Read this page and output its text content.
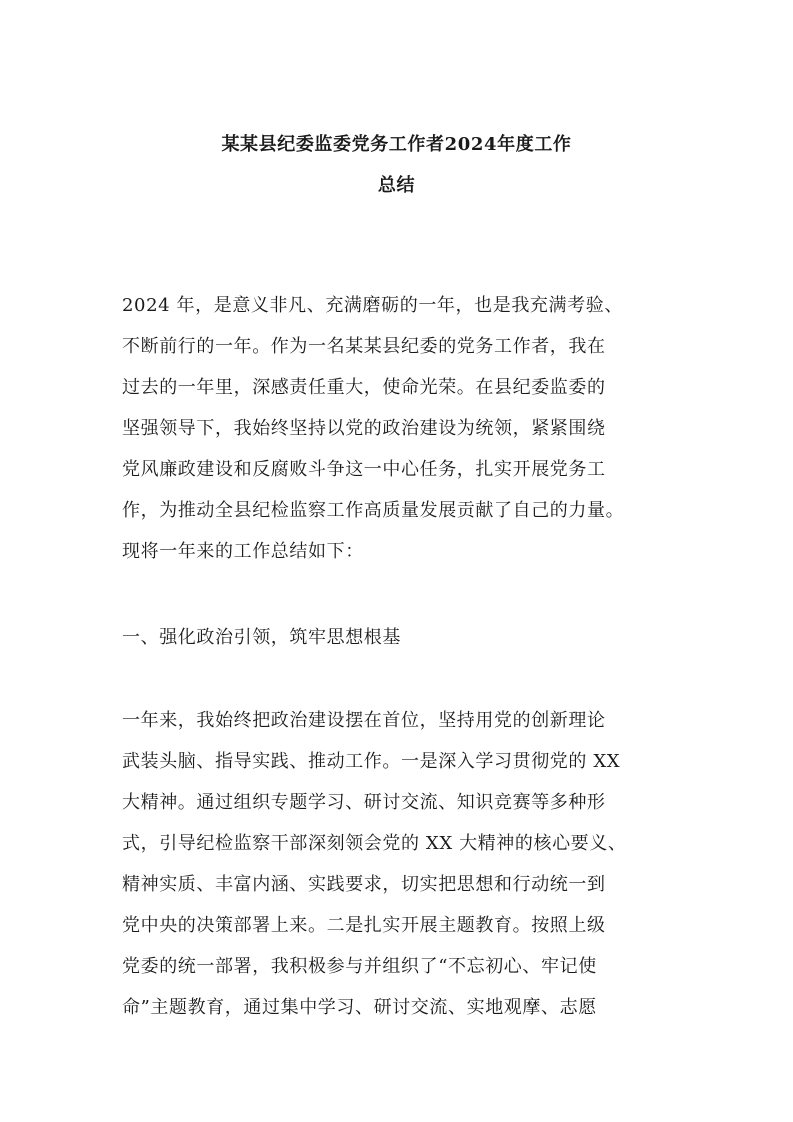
某某县纪委监委党务工作者2024年度工作
总结
2024 年，是意义非凡、充满磨砺的一年，也是我充满考验、
不断前行的一年。作为一名某某县纪委的党务工作者，我在
过去的一年里，深感责任重大，使命光荣。在县纪委监委的
坚强领导下，我始终坚持以党的政治建设为统领，紧紧围绕
党风廉政建设和反腐败斗争这一中心任务，扎实开展党务工
作，为推动全县纪检监察工作高质量发展贡献了自己的力量。
现将一年来的工作总结如下：
一、强化政治引领，筑牢思想根基
一年来，我始终把政治建设摆在首位，坚持用党的创新理论
武装头脑、指导实践、推动工作。一是深入学习贯彻党的 XX
大精神。通过组织专题学习、研讨交流、知识竞赛等多种形
式，引导纪检监察干部深刻领会党的 XX 大精神的核心要义、
精神实质、丰富内涵、实践要求，切实把思想和行动统一到
党中央的决策部署上来。二是扎实开展主题教育。按照上级
党委的统一部署，我积极参与并组织了“不忘初心、牢记使
命”主题教育，通过集中学习、研讨交流、实地观摩、志愿
